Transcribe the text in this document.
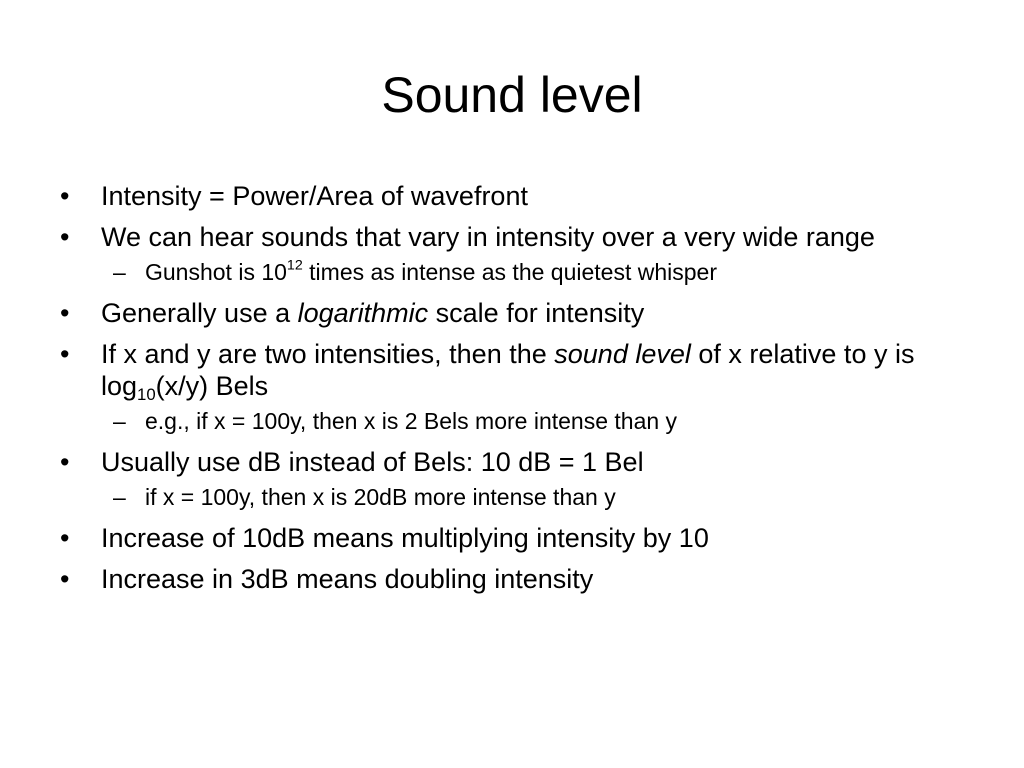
Sound level
•	Intensity = Power/Area of wavefront
•	We can hear sounds that vary in intensity over a very wide range
– Gunshot is $10^{12}$ times as intense as the quietest whisper
•	Generally use a logarithmic scale for intensity
•	If x and y are two intensities, then the sound level of x relative to y is $\log_{10}(x/y)$ Bels
– e.g., if x = 100y, then x is 2 Bels more intense than y
•	Usually use dB instead of Bels: 10 dB = 1 Bel
– if x = 100y, then x is 20dB more intense than y
•	Increase of 10dB means multiplying intensity by 10
•	Increase in 3dB means doubling intensity
